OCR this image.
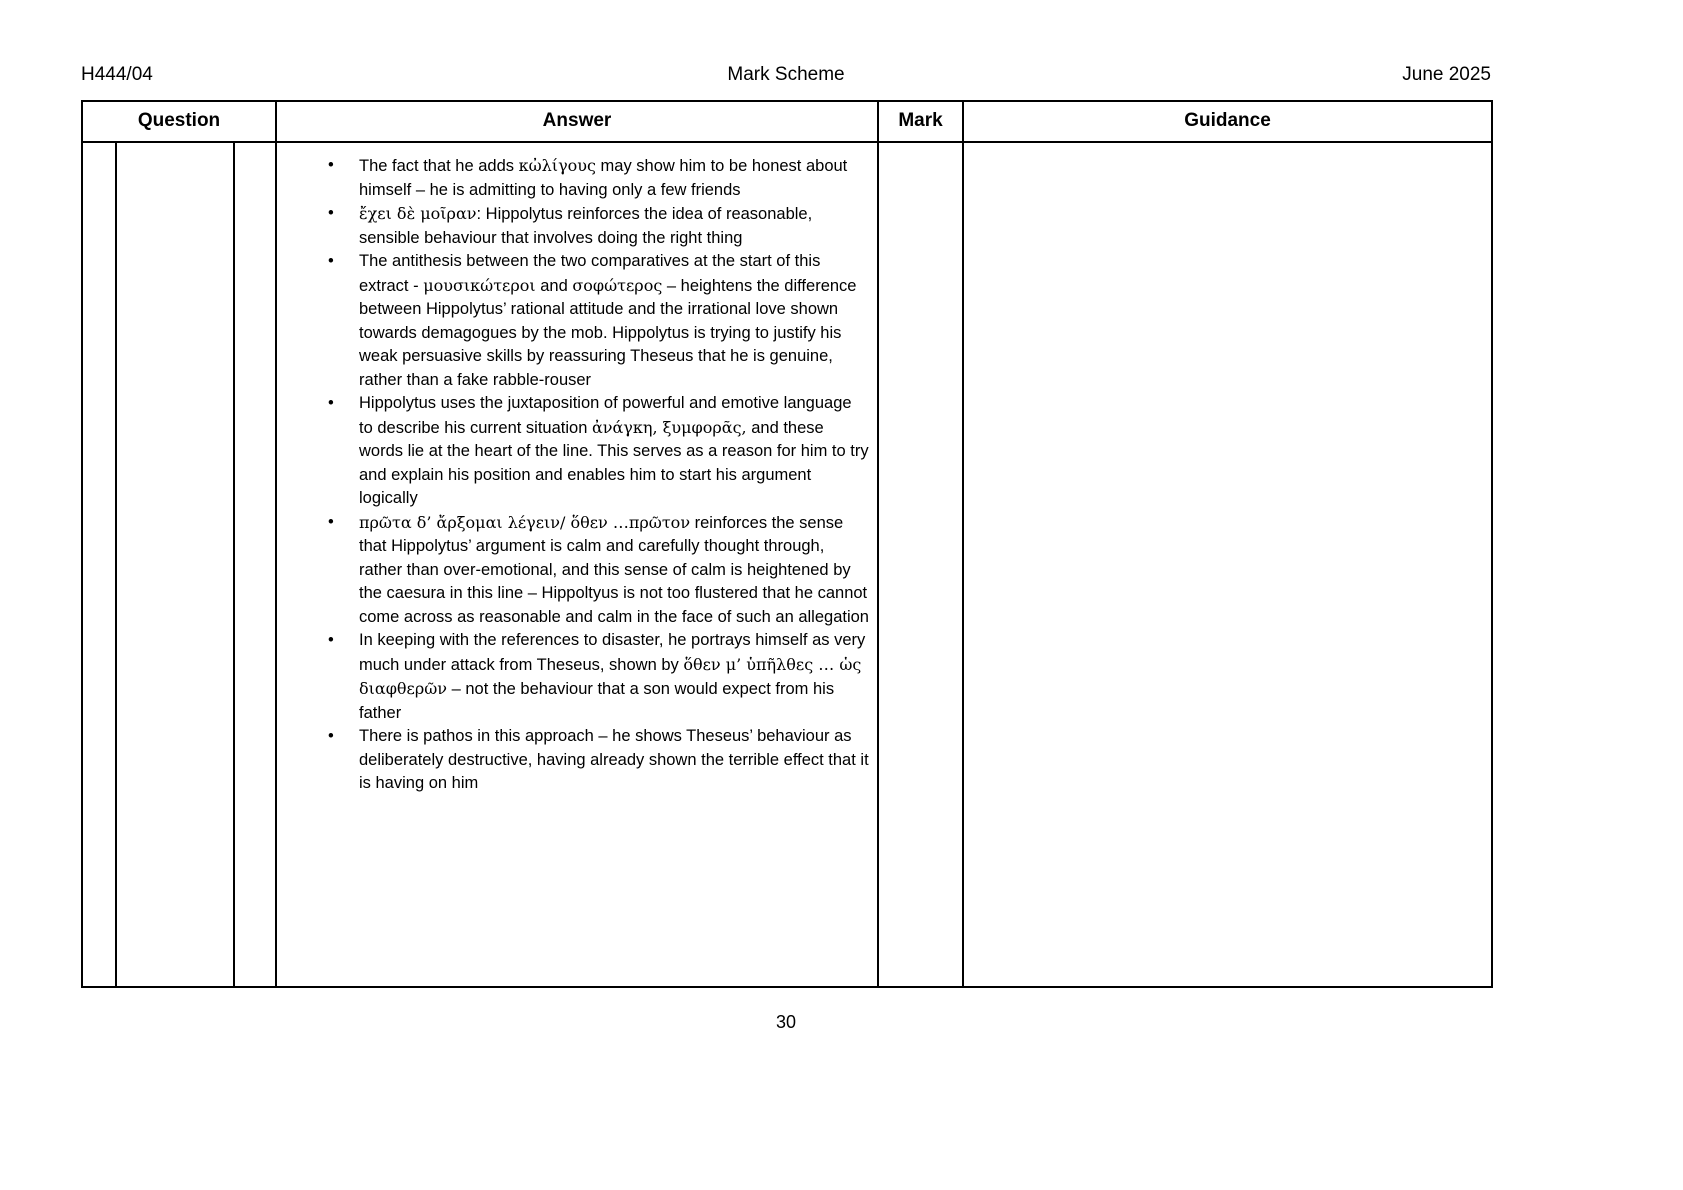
H444/04	Mark Scheme	June 2025
Question			Answer	Mark	Guidance

• The fact that he adds κὠλίγους may show him to be honest about himself – he is admitting to having only a few friends
• ἔχει δὲ μοῖραν: Hippolytus reinforces the idea of reasonable, sensible behaviour that involves doing the right thing
• The antithesis between the two comparatives at the start of this extract - μουσικώτεροι and σοφώτερος – heightens the difference between Hippolytus’ rational attitude and the irrational love shown towards demagogues by the mob. Hippolytus is trying to justify his weak persuasive skills by reassuring Theseus that he is genuine, rather than a fake rabble-rouser
• Hippolytus uses the juxtaposition of powerful and emotive language to describe his current situation ἀνάγκη, ξυμφορᾶς, and these words lie at the heart of the line. This serves as a reason for him to try and explain his position and enables him to start his argument logically
• πρῶτα δ’ ἄρξομαι λέγειν/ ὅθεν …πρῶτον reinforces the sense that Hippolytus’ argument is calm and carefully thought through, rather than over-emotional, and this sense of calm is heightened by the caesura in this line – Hippoltyus is not too flustered that he cannot come across as reasonable and calm in the face of such an allegation
• In keeping with the references to disaster, he portrays himself as very much under attack from Theseus, shown by ὅθεν μ’ ὑπῆλθες … ὡς διαφθερῶν – not the behaviour that a son would expect from his father
• There is pathos in this approach – he shows Theseus’ behaviour as deliberately destructive, having already shown the terrible effect that it is having on him

30
